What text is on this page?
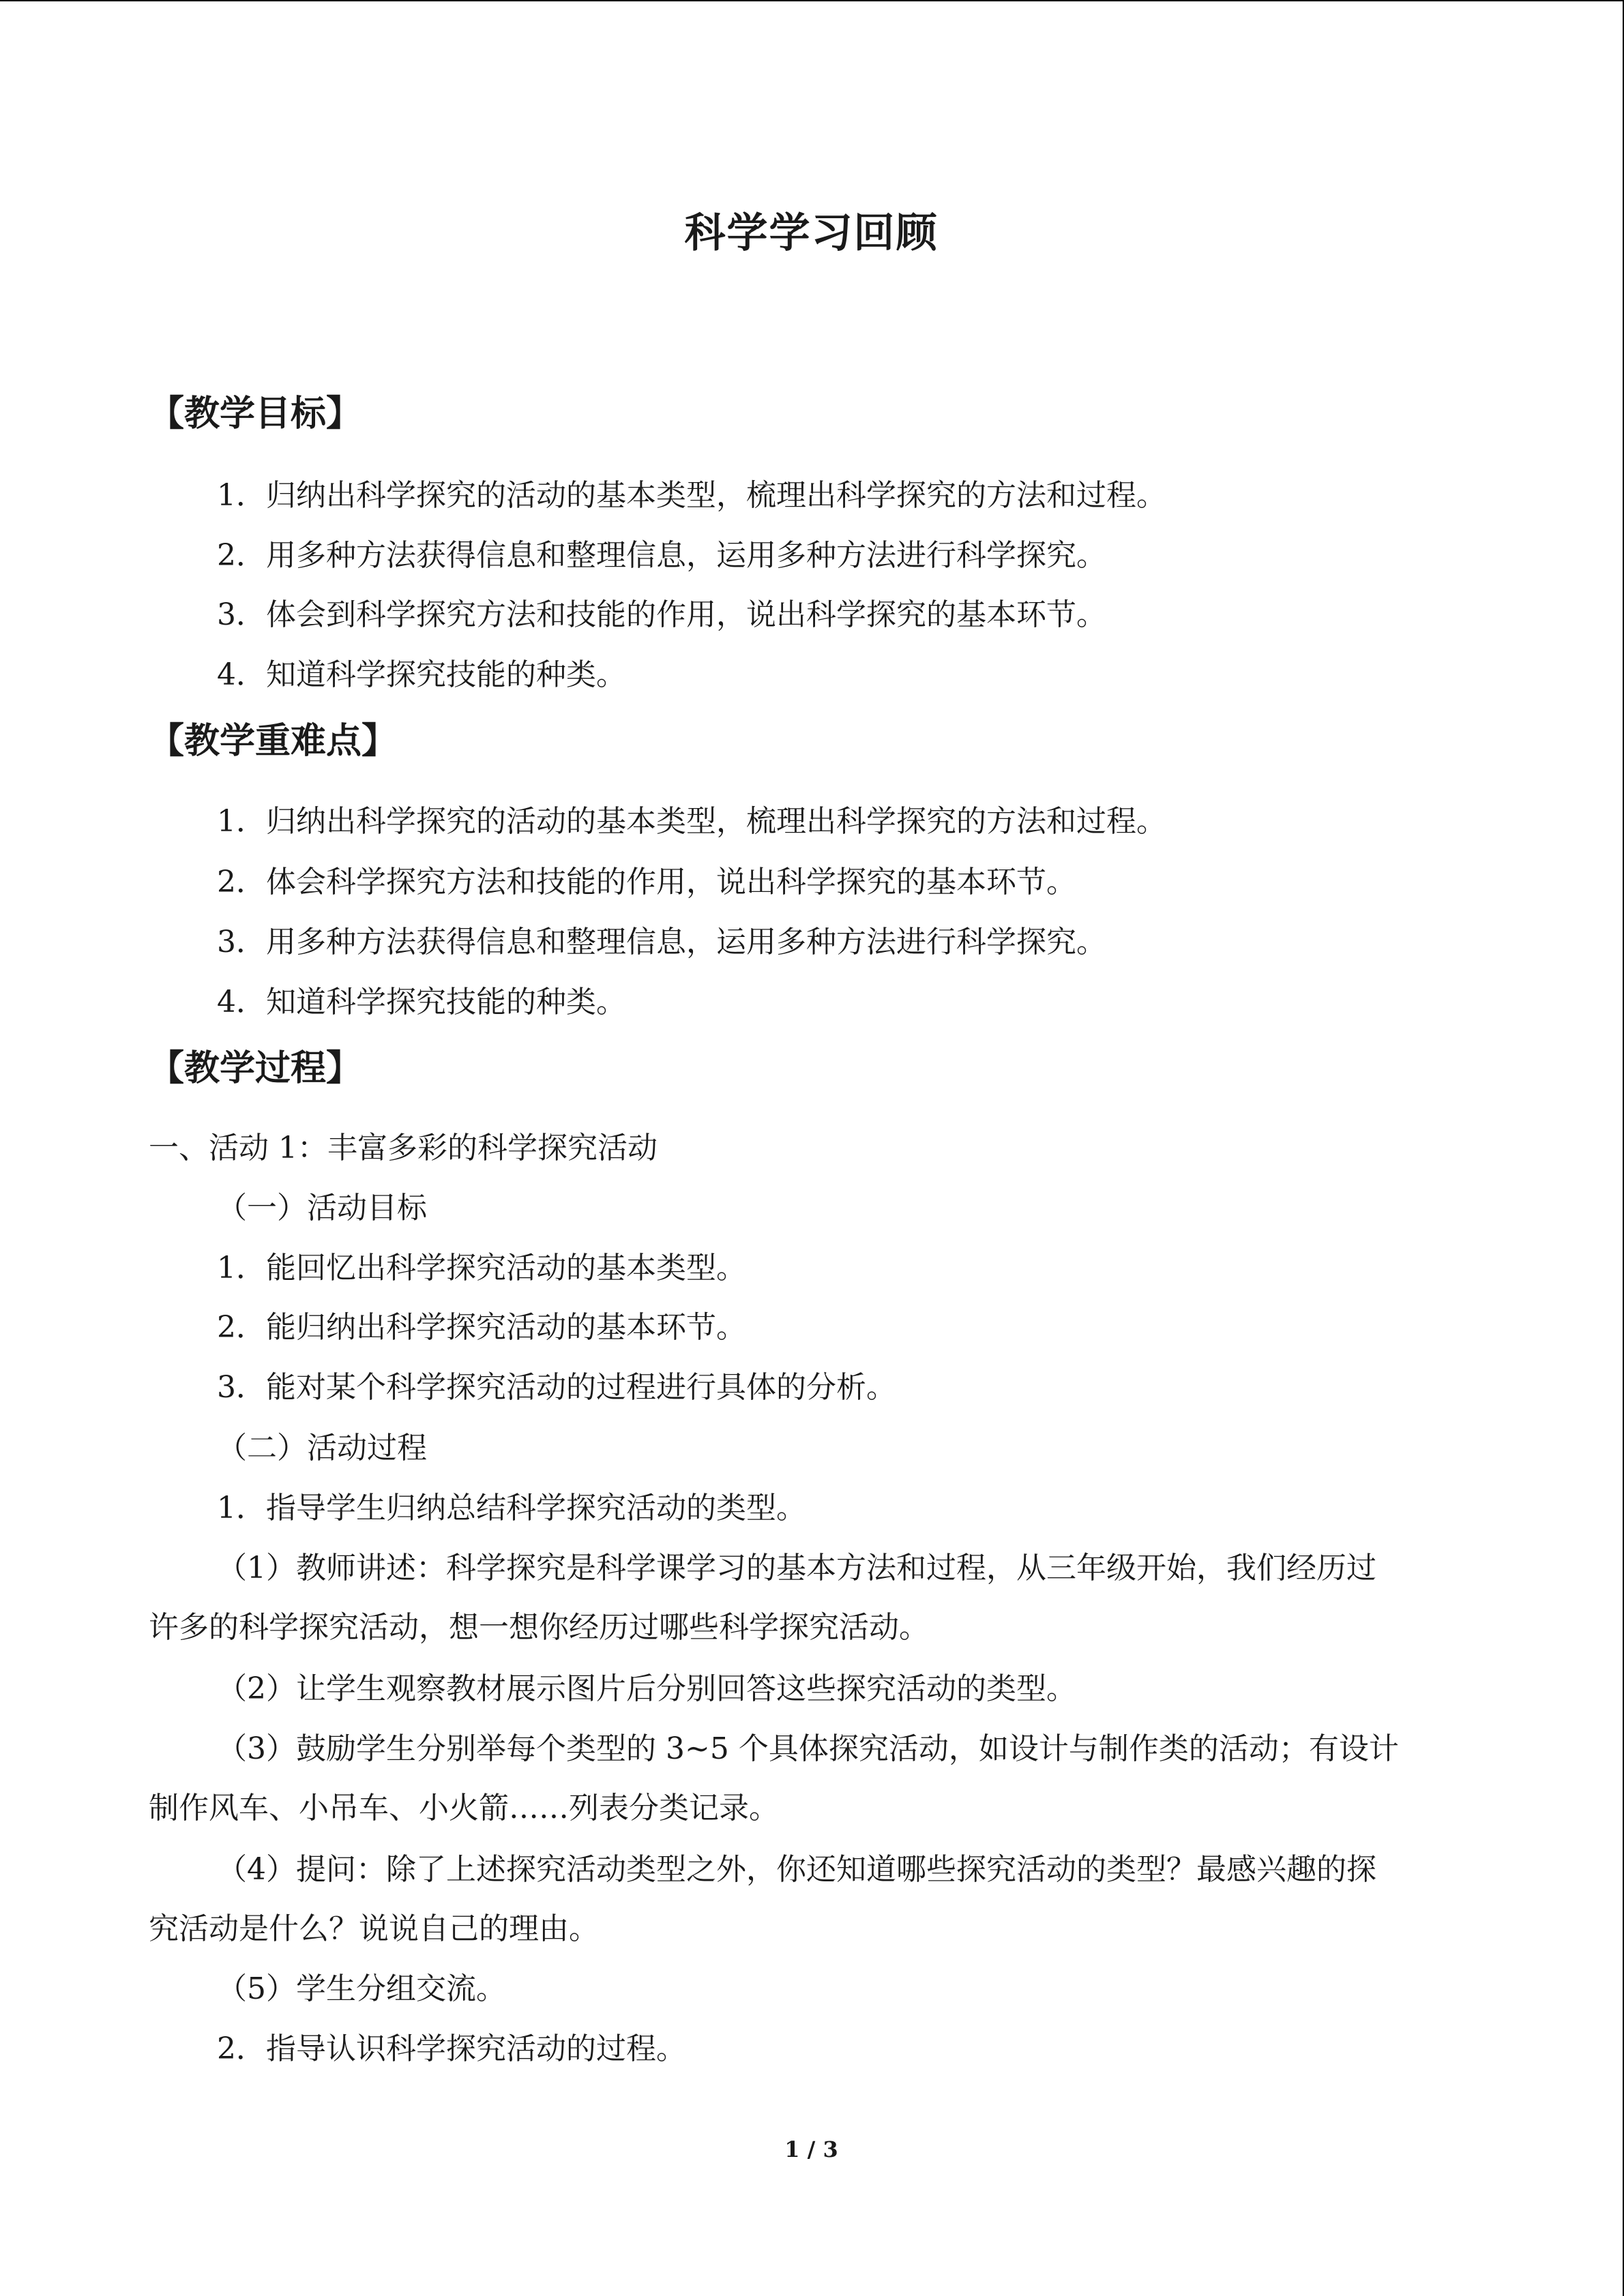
科学学习回顾
【教学目标】
1．归纳出科学探究的活动的基本类型，梳理出科学探究的方法和过程。
2．用多种方法获得信息和整理信息，运用多种方法进行科学探究。
3．体会到科学探究方法和技能的作用，说出科学探究的基本环节。
4．知道科学探究技能的种类。
【教学重难点】
1．归纳出科学探究的活动的基本类型，梳理出科学探究的方法和过程。
2．体会科学探究方法和技能的作用，说出科学探究的基本环节。
3．用多种方法获得信息和整理信息，运用多种方法进行科学探究。
4．知道科学探究技能的种类。
【教学过程】
一、活动 1：丰富多彩的科学探究活动
（一）活动目标
1．能回忆出科学探究活动的基本类型。
2．能归纳出科学探究活动的基本环节。
3．能对某个科学探究活动的过程进行具体的分析。
（二）活动过程
1．指导学生归纳总结科学探究活动的类型。
（1）教师讲述：科学探究是科学课学习的基本方法和过程，从三年级开始，我们经历过
许多的科学探究活动，想一想你经历过哪些科学探究活动。
（2）让学生观察教材展示图片后分别回答这些探究活动的类型。
（3）鼓励学生分别举每个类型的 3~5 个具体探究活动，如设计与制作类的活动；有设计
制作风车、小吊车、小火箭……列表分类记录。
（4）提问：除了上述探究活动类型之外，你还知道哪些探究活动的类型？最感兴趣的探
究活动是什么？说说自己的理由。
（5）学生分组交流。
2．指导认识科学探究活动的过程。
1 / 3
